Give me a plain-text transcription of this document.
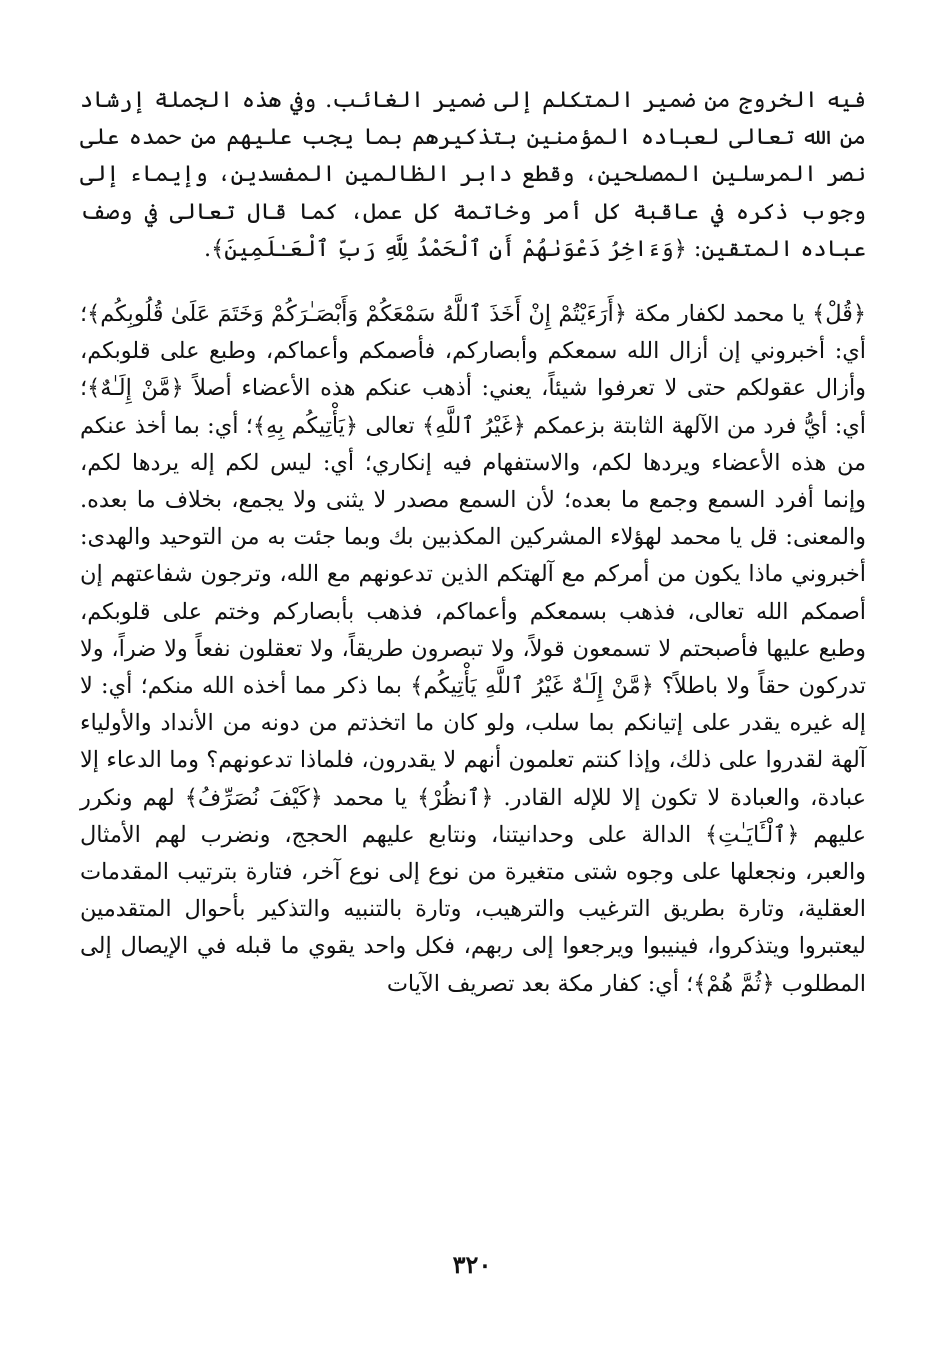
فيه الخروج من ضمير المتكلم إلى ضمير الغائب. وفي هذه الجملة إرشاد من الله تعالى لعباده المؤمنين بتذكيرهم بما يجب عليهم من حمده على نصر المرسلين المصلحين، وقطع دابر الظالمين المفسدين، وإيماء إلى وجوب ذكره في عاقبة كل أمر وخاتمة كل عمل، كما قال تعالى في وصف عباده المتقين: ﴿وَءَاخِرُ دَعْوَىٰهُمْ أَنِ ٱلْحَمْدُ لِلَّهِ رَبِّ ٱلْعَـٰلَمِينَ﴾.

﴿قُلْ﴾ يا محمد لكفار مكة ﴿أَرَءَيْتُمْ إِنْ أَخَذَ ٱللَّهُ سَمْعَكُمْ وَأَبْصَـٰرَكُمْ وَخَتَمَ عَلَىٰ قُلُوبِكُم﴾؛ أي: أخبروني إن أزال الله سمعكم وأبصاركم، فأصمكم وأعماكم، وطبع على قلوبكم، وأزال عقولكم حتى لا تعرفوا شيئاً، يعني: أذهب عنكم هذه الأعضاء أصلاً ﴿مَّنْ إِلَـٰهٌ﴾؛ أي: أيُّ فرد من الآلهة الثابتة بزعمكم ﴿غَيْرُ ٱللَّهِ﴾ تعالى ﴿يَأْتِيكُم بِهِ﴾؛ أي: بما أخذ عنكم من هذه الأعضاء ويردها لكم، والاستفهام فيه إنكاري؛ أي: ليس لكم إله يردها لكم، وإنما أفرد السمع وجمع ما بعده؛ لأن السمع مصدر لا يثنى ولا يجمع، بخلاف ما بعده. والمعنى: قل يا محمد لهؤلاء المشركين المكذبين بك وبما جئت به من التوحيد والهدى: أخبروني ماذا يكون من أمركم مع آلهتكم الذين تدعونهم مع الله، وترجون شفاعتهم إن أصمكم الله تعالى، فذهب بسمعكم وأعماكم، فذهب بأبصاركم وختم على قلوبكم، وطبع عليها فأصبحتم لا تسمعون قولاً، ولا تبصرون طريقاً، ولا تعقلون نفعاً ولا ضراً، ولا تدركون حقاً ولا باطلاً؟ ﴿مَّنْ إِلَـٰهٌ غَيْرُ ٱللَّهِ يَأْتِيكُم﴾ بما ذكر مما أخذه الله منكم؛ أي: لا إله غيره يقدر على إتيانكم بما سلب، ولو كان ما اتخذتم من دونه من الأنداد والأولياء آلهة لقدروا على ذلك، وإذا كنتم تعلمون أنهم لا يقدرون، فلماذا تدعونهم؟ وما الدعاء إلا عبادة، والعبادة لا تكون إلا للإله القادر. ﴿ٱنظُرْ﴾ يا محمد ﴿كَيْفَ نُصَرِّفُ﴾ لهم ونكرر عليهم ﴿ٱلْـَٔايَـٰتِ﴾ الدالة على وحدانيتنا، ونتابع عليهم الحجج، ونضرب لهم الأمثال والعبر، ونجعلها على وجوه شتى متغيرة من نوع إلى نوع آخر، فتارة بترتيب المقدمات العقلية، وتارة بطريق الترغيب والترهيب، وتارة بالتنبيه والتذكير بأحوال المتقدمين ليعتبروا ويتذكروا، فينيبوا ويرجعوا إلى ربهم، فكل واحد يقوي ما قبله في الإيصال إلى المطلوب ﴿ثُمَّ هُمْ﴾؛ أي: كفار مكة بعد تصريف الآيات

٣٢٠
